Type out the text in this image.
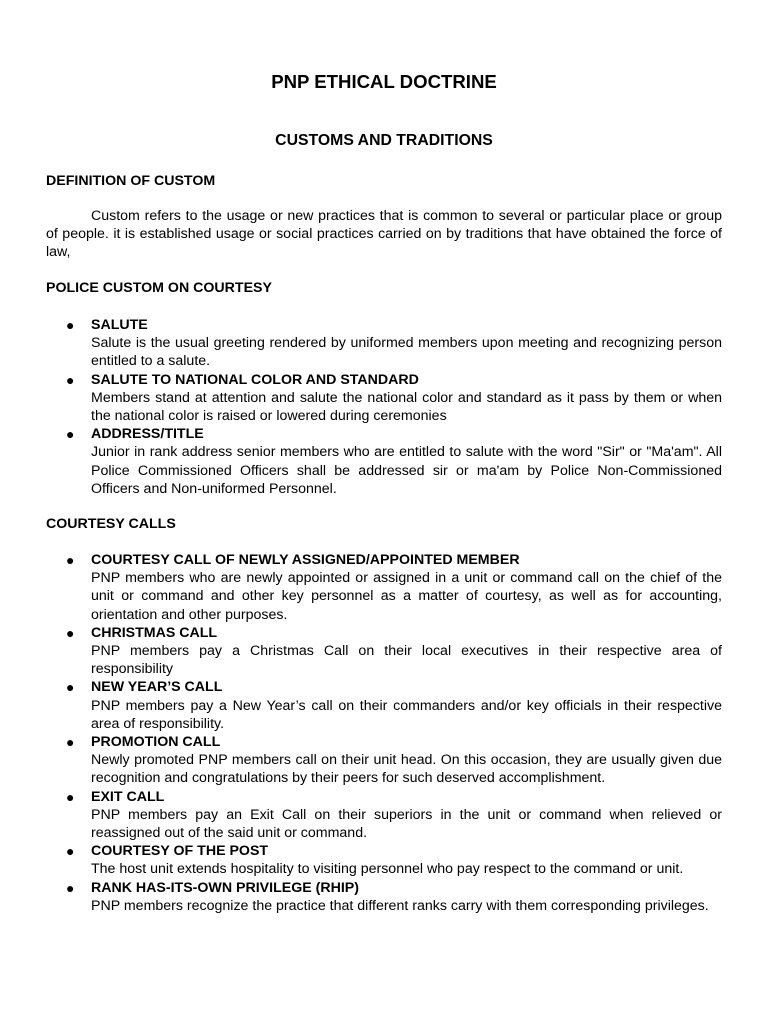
PNP ETHICAL DOCTRINE
CUSTOMS AND TRADITIONS
DEFINITION OF CUSTOM
Custom refers to the usage or new practices that is common to several or particular place or group of people. it is established usage or social practices carried on by traditions that have obtained the force of law,
POLICE CUSTOM ON COURTESY
● SALUTE
Salute is the usual greeting rendered by uniformed members upon meeting and recognizing person entitled to a salute.
● SALUTE TO NATIONAL COLOR AND STANDARD
Members stand at attention and salute the national color and standard as it pass by them or when the national color is raised or lowered during ceremonies
● ADDRESS/TITLE
Junior in rank address senior members who are entitled to salute with the word "Sir" or "Ma'am". All Police Commissioned Officers shall be addressed sir or ma'am by Police Non-Commissioned Officers and Non-uniformed Personnel.
COURTESY CALLS
● COURTESY CALL OF NEWLY ASSIGNED/APPOINTED MEMBER
PNP members who are newly appointed or assigned in a unit or command call on the chief of the unit or command and other key personnel as a matter of courtesy, as well as for accounting, orientation and other purposes.
● CHRISTMAS CALL
PNP members pay a Christmas Call on their local executives in their respective area of responsibility
● NEW YEAR’S CALL
PNP members pay a New Year’s call on their commanders and/or key officials in their respective area of responsibility.
● PROMOTION CALL
Newly promoted PNP members call on their unit head. On this occasion, they are usually given due recognition and congratulations by their peers for such deserved accomplishment.
● EXIT CALL
PNP members pay an Exit Call on their superiors in the unit or command when relieved or reassigned out of the said unit or command.
● COURTESY OF THE POST
The host unit extends hospitality to visiting personnel who pay respect to the command or unit.
● RANK HAS-ITS-OWN PRIVILEGE (RHIP)
PNP members recognize the practice that different ranks carry with them corresponding privileges.
